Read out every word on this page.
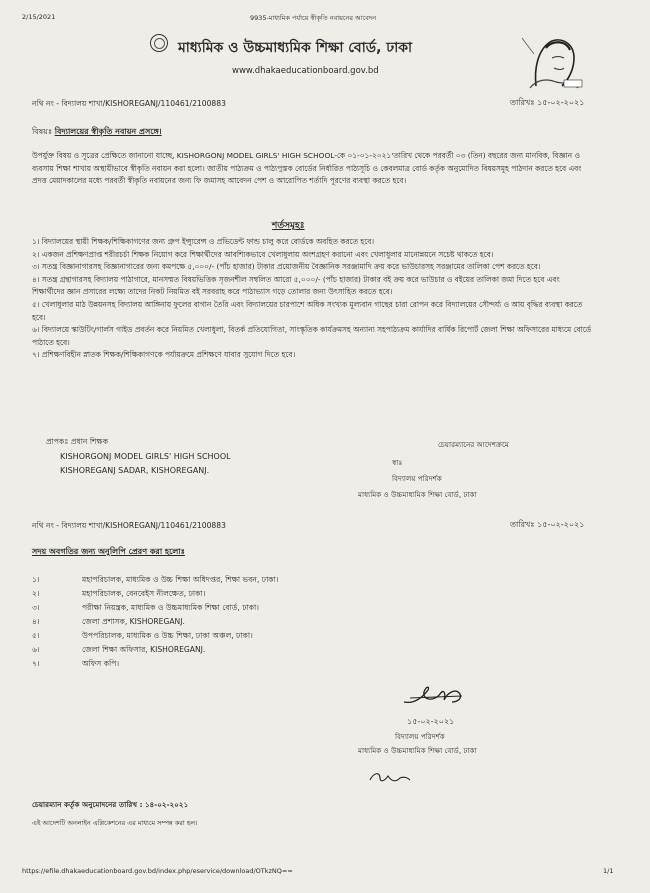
2/15/2021	9935-মাধ্যমিক পর্যায়ে স্বীকৃতি নবায়নের আবেদন
মাধ্যমিক ও উচ্চমাধ্যমিক শিক্ষা বোর্ড, ঢাকা
www.dhakaeducationboard.gov.bd
নথি নং - বিদ্যালয় শাখা/KISHOREGANJ/110461/2100883	তারিখঃ ১৫-০২-২০২১
বিষয়ঃ বিদ্যালয়ের স্বীকৃতি নবায়ন প্রসঙ্গে।
উপর্যুক্ত বিষয় ও সূত্রের প্রেক্ষিতে জানানো যাচ্ছে, KISHORGONJ MODEL GIRLS' HIGH SCHOOL-কে ০১-০১-২০২১'তারিখ থেকে পরবর্তী ০৩ (তিন) বছরের জন্য মানবিক, বিজ্ঞান ও ব্যবসায় শিক্ষা শাখায় অস্থায়ীভাবে স্বীকৃতি নবায়ন করা হলো। জাতীয় পাঠ্যক্রম ও পাঠ্যপুস্তক বোর্ডের নির্ধারিত পাঠ্যসূচি ও কেবলমাত্র বোর্ড কর্তৃক অনুমোদিত বিষয়সমূহ পাঠদান করতে হবে এবং প্রদত্ত মেয়াদকালের মধ্যে পরবর্তী স্বীকৃতি নবায়নের জন্য ফি জমাসহ আবেদন পেশ ও আরোপিত শর্তাদি পূরণের ব্যবস্থা করতে হবে।
শর্তসমূহঃ
১। বিদ্যালয়ের স্থায়ী শিক্ষক/শিক্ষিকাগণের জন্য গ্রুপ ইন্স্যুরেন্স ও প্রভিডেন্ট ফান্ড চালু করে বোর্ডকে অবহিত করতে হবে।
২। একজন প্রশিক্ষণপ্রাপ্ত শরীরচর্চা শিক্ষক নিয়োগ করে শিক্ষার্থীদের আবশ্যিকভাবে খেলাধুলায় অংশগ্রহণ করানো এবং খেলাধুলার মানোন্নয়নে সচেষ্ট থাকতে হবে।
৩। সতন্ত্র বিজ্ঞানাগারসহ বিজ্ঞানাগারের জন্য কমপক্ষে ৫,০০০/- (পাঁচ হাজার) টাকার প্রয়োজনীয় বৈজ্ঞানিক সরঞ্জামাদি ক্রয় করে ভাউচারসহ সরঞ্জামের তালিকা পেশ করতে হবে।
৪। সতন্ত্র গ্রন্থাগারসহ বিদ্যালয় পাঠাগারে, মানসম্মত বিষয়ভিত্তিক সৃজনশীল সম্বলিত আরো ৫,০০০/- (পাঁচ হাজার) টাকার বই ক্রয় করে ভাউচার ও বইয়ের তালিকা জমা দিতে হবে এবং শিক্ষার্থীদের জ্ঞান প্রসারের লক্ষ্যে তাদের নিকট নিয়মিত বই সরবরাহ করে পাঠাভ্যাস গড়ে তোলার জন্য উৎসাহিত করতে হবে।
৫। খেলাধুলার মাঠ উন্নয়নসহ বিদ্যালয় আঙ্গিনায় ফুলের বাগান তৈরি এবং বিদ্যালয়ের চারপাশে অধিক সংখ্যক মূল্যবান গাছের চারা রোপন করে বিদ্যালয়ের সৌন্দর্য্য ও আয় বৃদ্ধির ব্যবস্থা করতে হবে।
৬। বিদ্যালয়ে স্কাউটিং/গার্লস গাইড প্রবর্তন করে নিয়মিত খেলাধুলা, বিতর্ক প্রতিযোগিতা, সাংস্কৃতিক কার্যক্রমসহ অন্যান্য সহপাঠ্যক্রম কার্যাদির বার্ষিক রিপোর্ট জেলা শিক্ষা অফিসারের মাধ্যমে বোর্ডে পাঠাতে হবে।
৭। প্রশিক্ষণবিহীন স্নাতক শিক্ষক/শিক্ষিকাগণকে পর্যায়ক্রমে প্রশিক্ষণে যাবার সুযোগ দিতে হবে।
প্রাপকঃ প্রধান শিক্ষক
KISHORGONJ MODEL GIRLS' HIGH SCHOOL
KISHOREGANJ SADAR, KISHOREGANJ.
চেয়ারম্যানের আদেশক্রমে
স্বাঃ
বিদ্যালয় পরিদর্শক
মাধ্যমিক ও উচ্চমাধ্যমিক শিক্ষা বোর্ড, ঢাকা
নথি নং - বিদ্যালয় শাখা/KISHOREGANJ/110461/2100883	তারিখঃ ১৫-০২-২০২১
সদয় অবগতির জন্য অনুলিপি প্রেরণ করা হলোঃ
১।	মহাপরিচালক, মাধ্যমিক ও উচ্চ শিক্ষা অধিদপ্তর, শিক্ষা ভবন, ঢাকা।
২।	মহাপরিচালক, বেনবেইস নীলক্ষেত, ঢাকা।
৩।	পরীক্ষা নিয়ন্ত্রক, মাধ্যমিক ও উচ্চমাধ্যমিক শিক্ষা বোর্ড, ঢাকা।
৪।	জেলা প্রশাসক, KISHOREGANJ.
৫।	উপপরিচালক, মাধ্যমিক ও উচ্চ শিক্ষা, ঢাকা অঞ্চল, ঢাকা।
৬।	জেলা শিক্ষা অফিসার, KISHOREGANJ.
৭।	অফিস কপি।
১৫-০২-২০২১
বিদ্যালয় পরিদর্শক
মাধ্যমিক ও উচ্চমাধ্যমিক শিক্ষা বোর্ড, ঢাকা
চেয়ারম্যান কর্তৃক অনুমোদনের তারিখ : ১৪-০২-২০২১
এই আদেশটি অনলাইন এপ্লিকেশনের এর মাধ্যমে সম্পন্ন করা হল।
https://efile.dhakaeducationboard.gov.bd/index.php/eservice/download/OTkzNQ==	1/1
